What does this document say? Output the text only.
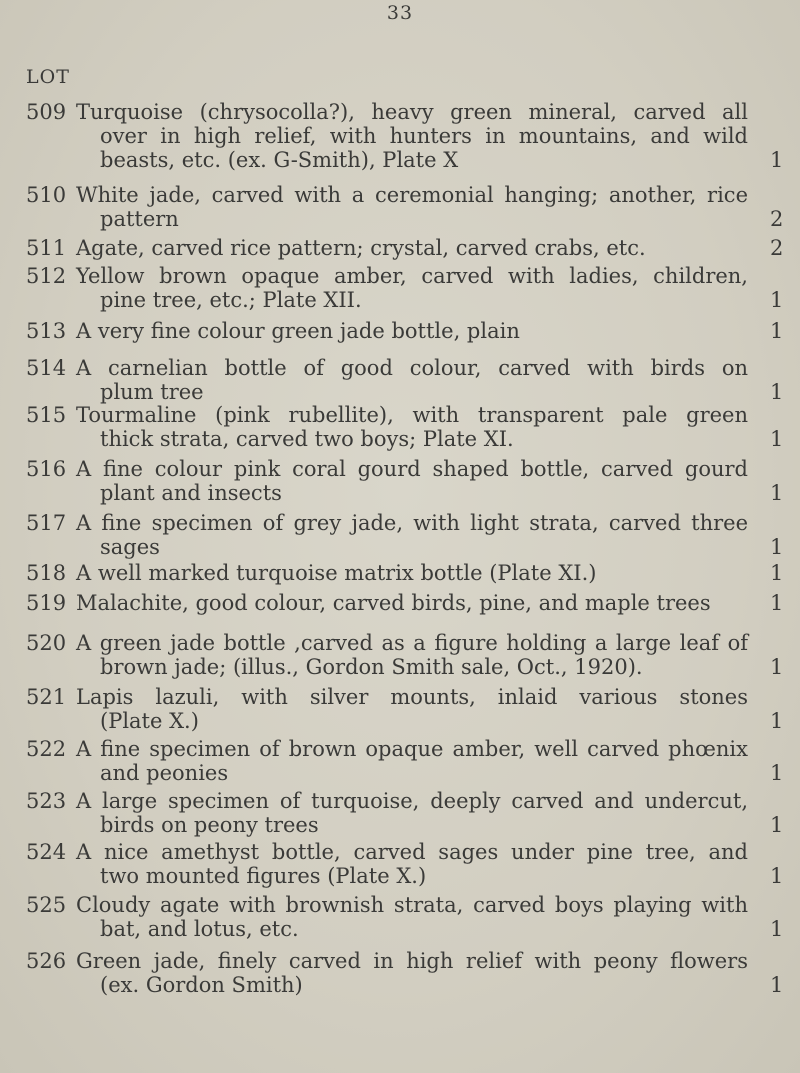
33
LOT
509 Turquoise (chrysocolla?), heavy green mineral, carved all
over in high relief, with hunters in mountains, and wild
beasts, etc. (ex. G-Smith), Plate X	1
510 White jade, carved with a ceremonial hanging; another, rice
pattern	2
511 Agate, carved rice pattern; crystal, carved crabs, etc.	2
512 Yellow brown opaque amber, carved with ladies, children,
pine tree, etc.; Plate XII.	1
513 A very fine colour green jade bottle, plain	1
514 A carnelian bottle of good colour, carved with birds on
plum tree	1
515 Tourmaline (pink rubellite), with transparent pale green
thick strata, carved two boys; Plate XI.	1
516 A fine colour pink coral gourd shaped bottle, carved gourd
plant and insects	1
517 A fine specimen of grey jade, with light strata, carved three
sages	1
518 A well marked turquoise matrix bottle (Plate XI.)	1
519 Malachite, good colour, carved birds, pine, and maple trees	1
520 A green jade bottle ,carved as a figure holding a large leaf of
brown jade; (illus., Gordon Smith sale, Oct., 1920).	1
521 Lapis lazuli, with silver mounts, inlaid various stones
(Plate X.)	1
522 A fine specimen of brown opaque amber, well carved phœnix
and peonies	1
523 A large specimen of turquoise, deeply carved and undercut,
birds on peony trees	1
524 A nice amethyst bottle, carved sages under pine tree, and
two mounted figures (Plate X.)	1
525 Cloudy agate with brownish strata, carved boys playing with
bat, and lotus, etc.	1
526 Green jade, finely carved in high relief with peony flowers
(ex. Gordon Smith)	1
